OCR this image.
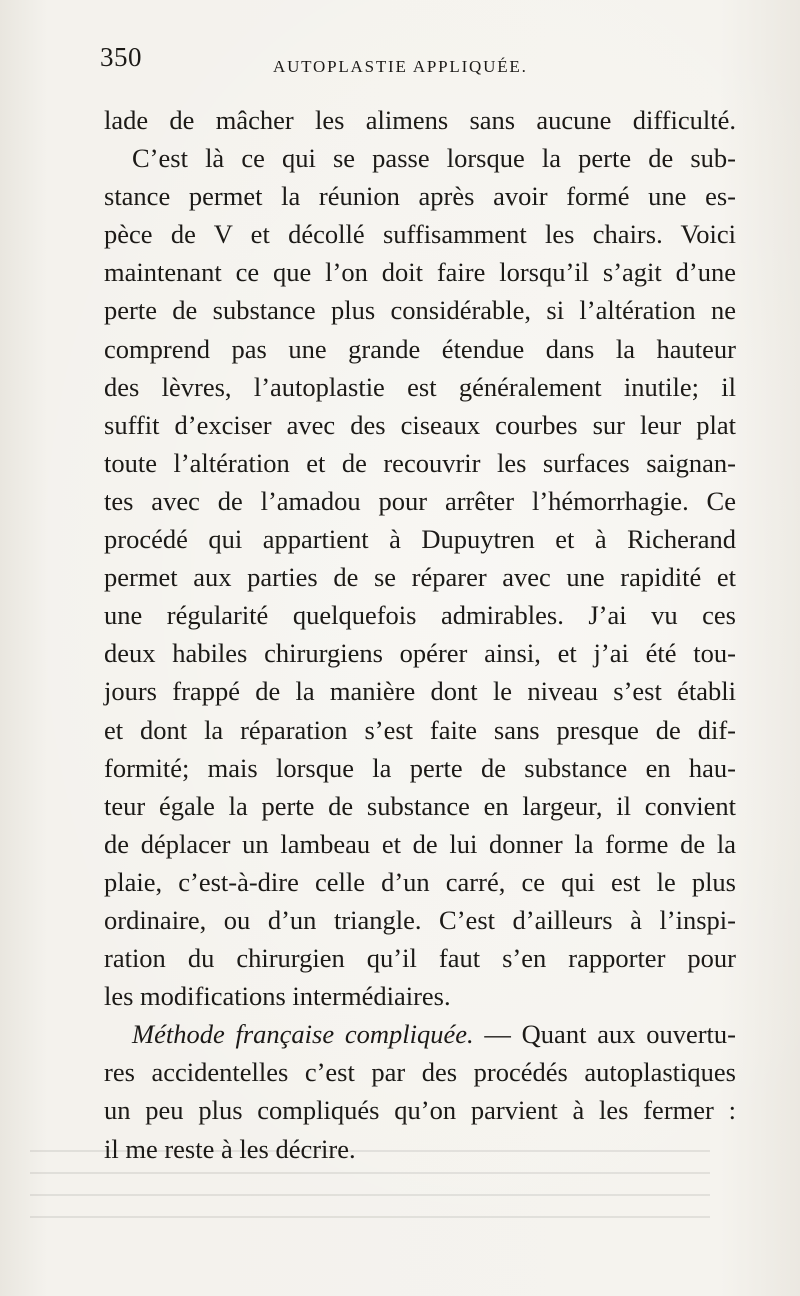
350	AUTOPLASTIE APPLIQUÉE.
lade de mâcher les alimens sans aucune difficulté.
C’est là ce qui se passe lorsque la perte de sub-
stance permet la réunion après avoir formé une es-
pèce de V et décollé suffisamment les chairs. Voici
maintenant ce que l’on doit faire lorsqu’il s’agit d’une
perte de substance plus considérable, si l’altération ne
comprend pas une grande étendue dans la hauteur
des lèvres, l’autoplastie est généralement inutile; il
suffit d’exciser avec des ciseaux courbes sur leur plat
toute l’altération et de recouvrir les surfaces saignan-
tes avec de l’amadou pour arrêter l’hémorrhagie. Ce
procédé qui appartient à Dupuytren et à Richerand
permet aux parties de se réparer avec une rapidité et
une régularité quelquefois admirables. J’ai vu ces
deux habiles chirurgiens opérer ainsi, et j’ai été tou-
jours frappé de la manière dont le niveau s’est établi
et dont la réparation s’est faite sans presque de dif-
formité; mais lorsque la perte de substance en hau-
teur égale la perte de substance en largeur, il convient
de déplacer un lambeau et de lui donner la forme de la
plaie, c’est-à-dire celle d’un carré, ce qui est le plus
ordinaire, ou d’un triangle. C’est d’ailleurs à l’inspi-
ration du chirurgien qu’il faut s’en rapporter pour
les modifications intermédiaires.
Méthode française compliquée. — Quant aux ouvertu-
res accidentelles c’est par des procédés autoplastiques
un peu plus compliqués qu’on parvient à les fermer :
il me reste à les décrire.
